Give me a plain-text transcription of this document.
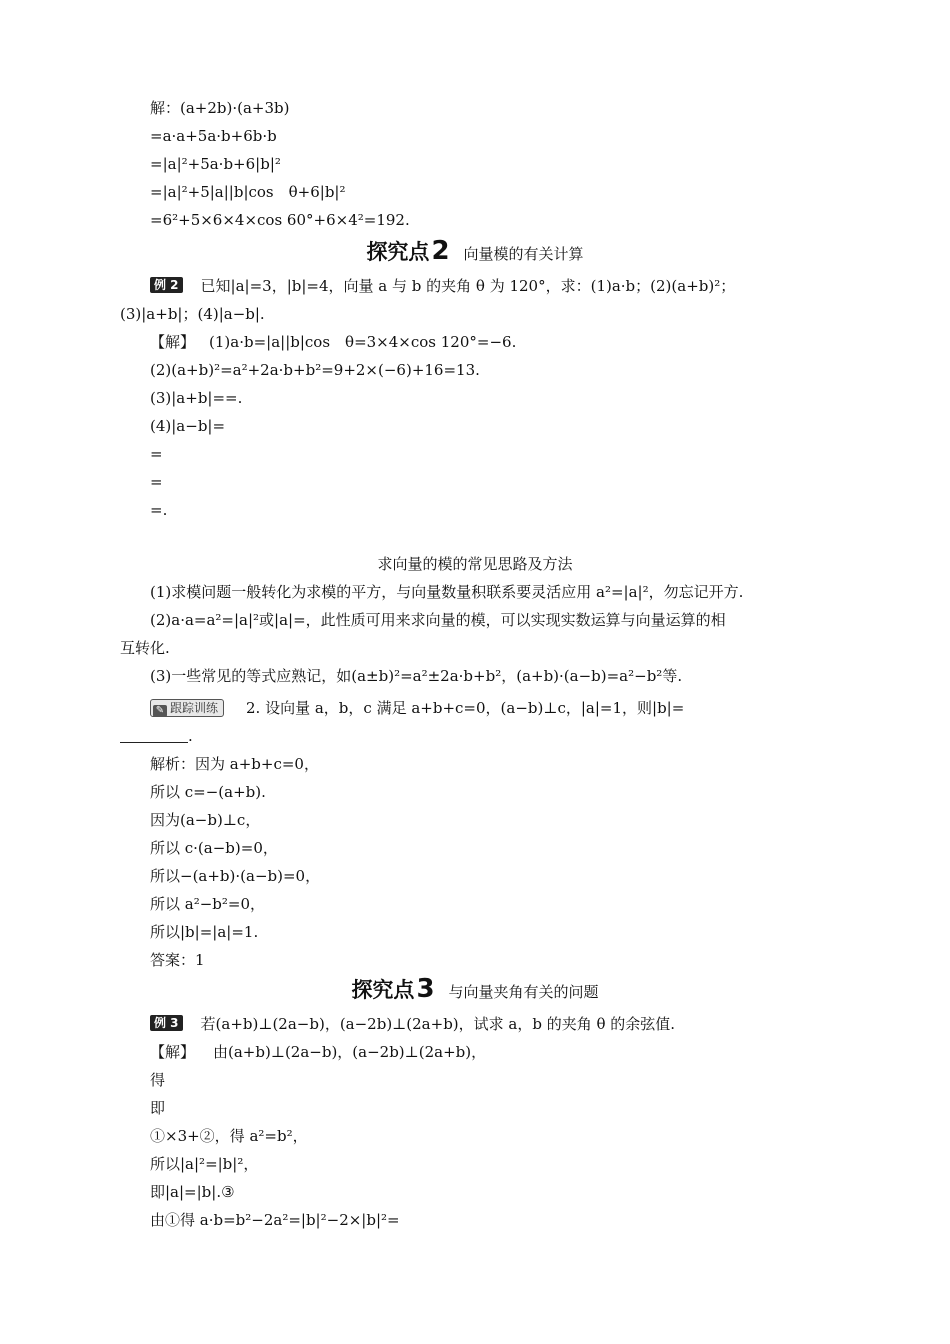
解：(a+2b)·(a+3b)
=a·a+5a·b+6b·b
=|a|²+5a·b+6|b|²
=|a|²+5|a||b|cos　θ+6|b|²
=6²+5×6×4×cos 60°+6×4²=192.
探究点2 向量模的有关计算
例 2 已知|a|=3，|b|=4，向量 a 与 b 的夹角 θ 为 120°，求：(1)a·b；(2)(a+b)²；
(3)|a+b|；(4)|a−b|.
【解】 (1)a·b=|a||b|cos　θ=3×4×cos 120°=−6.
(2)(a+b)²=a²+2a·b+b²=9+2×(−6)+16=13.
(3)|a+b|==.
(4)|a−b|=
=
=
=.
求向量的模的常见思路及方法
(1)求模问题一般转化为求模的平方，与向量数量积联系要灵活应用 a²=|a|²，勿忘记开方.
(2)a·a=a²=|a|²或|a|=，此性质可用来求向量的模，可以实现实数运算与向量运算的相
互转化.
(3)一些常见的等式应熟记，如(a±b)²=a²±2a·b+b²，(a+b)·(a−b)=a²−b²等.
✎ 跟踪训练 2. 设向量 a，b，c 满足 a+b+c=0，(a−b)⊥c，|a|=1，则|b|=
.
解析：因为 a+b+c=0，
所以 c=−(a+b).
因为(a−b)⊥c，
所以 c·(a−b)=0，
所以−(a+b)·(a−b)=0，
所以 a²−b²=0，
所以|b|=|a|=1.
答案：1
探究点3 与向量夹角有关的问题
例 3 若(a+b)⊥(2a−b)，(a−2b)⊥(2a+b)，试求 a，b 的夹角 θ 的余弦值.
【解】 由(a+b)⊥(2a−b)，(a−2b)⊥(2a+b)，
得
即
①×3+②，得 a²=b²，
所以|a|²=|b|²，
即|a|=|b|.③
由①得 a·b=b²−2a²=|b|²−2×|b|²=
